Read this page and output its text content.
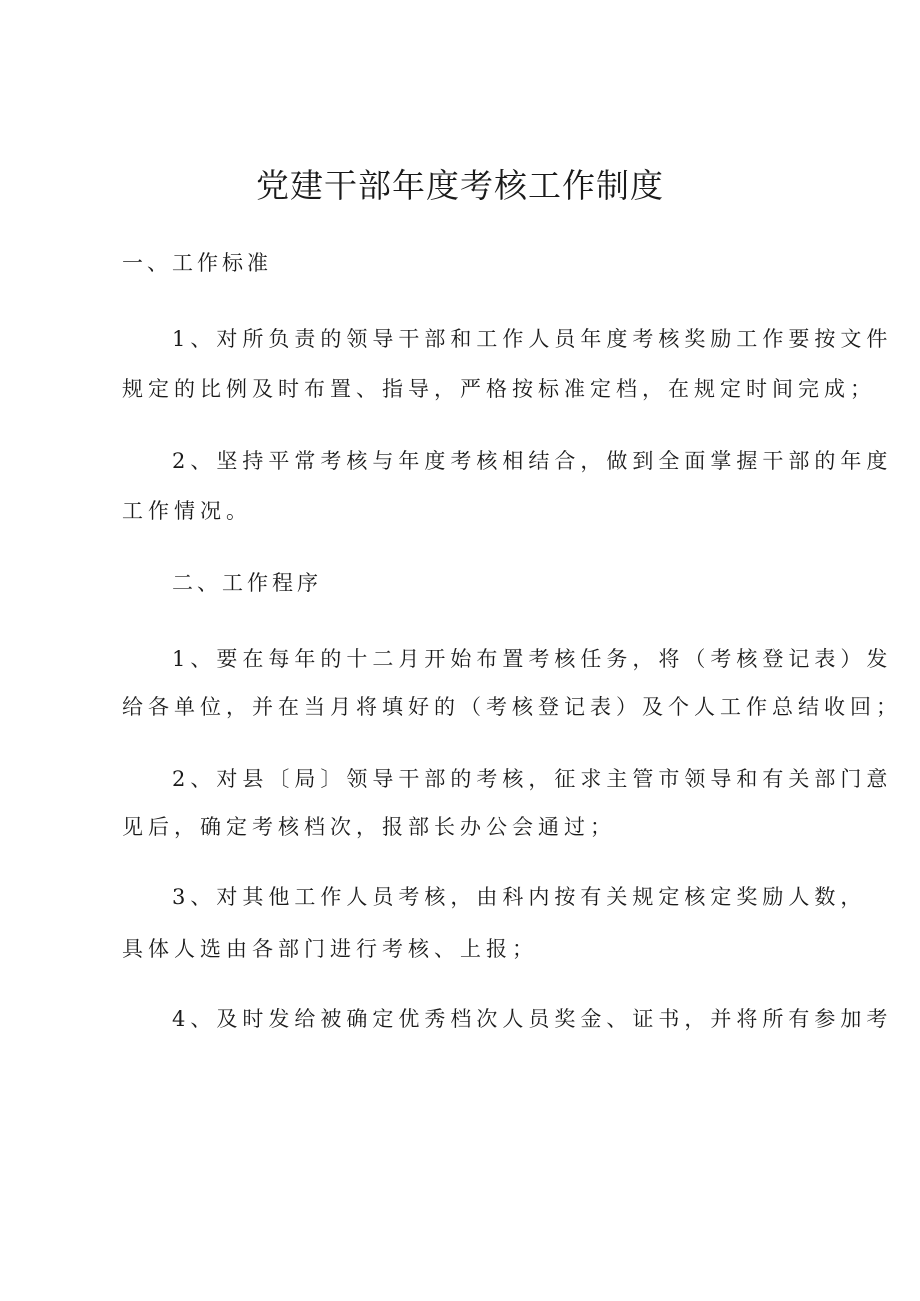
党建干部年度考核工作制度
一、工作标准
1、对所负责的领导干部和工作人员年度考核奖励工作要按文件
规定的比例及时布置、指导，严格按标准定档，在规定时间完成；
2、坚持平常考核与年度考核相结合，做到全面掌握干部的年度
工作情况。
二、工作程序
1、要在每年的十二月开始布置考核任务，将（考核登记表）发
给各单位，并在当月将填好的（考核登记表）及个人工作总结收回；
2、对县〔局〕领导干部的考核，征求主管市领导和有关部门意
见后，确定考核档次，报部长办公会通过；
3、对其他工作人员考核，由科内按有关规定核定奖励人数，
具体人选由各部门进行考核、上报；
4、及时发给被确定优秀档次人员奖金、证书，并将所有参加考
